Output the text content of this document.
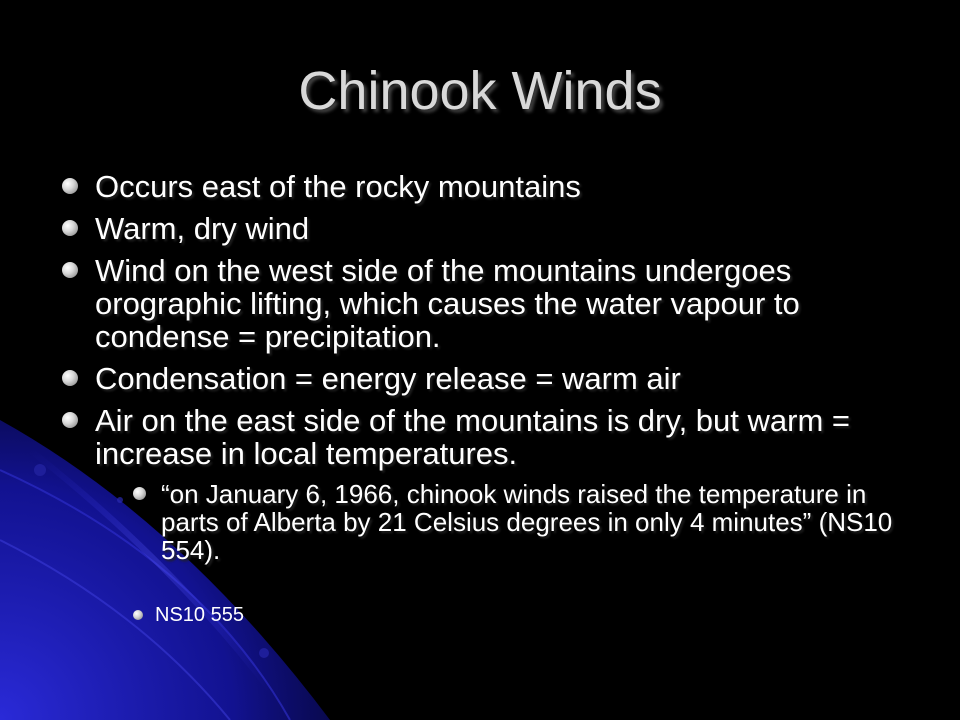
Chinook Winds
Occurs east of the rocky mountains
Warm, dry wind
Wind on the west side of the mountains undergoes orographic lifting, which causes the water vapour to condense = precipitation.
Condensation = energy release = warm air
Air on the east side of the mountains is dry, but warm = increase in local temperatures.
“on January 6, 1966, chinook winds raised the temperature in parts of Alberta by 21 Celsius degrees in only 4 minutes” (NS10 554).
NS10 555
